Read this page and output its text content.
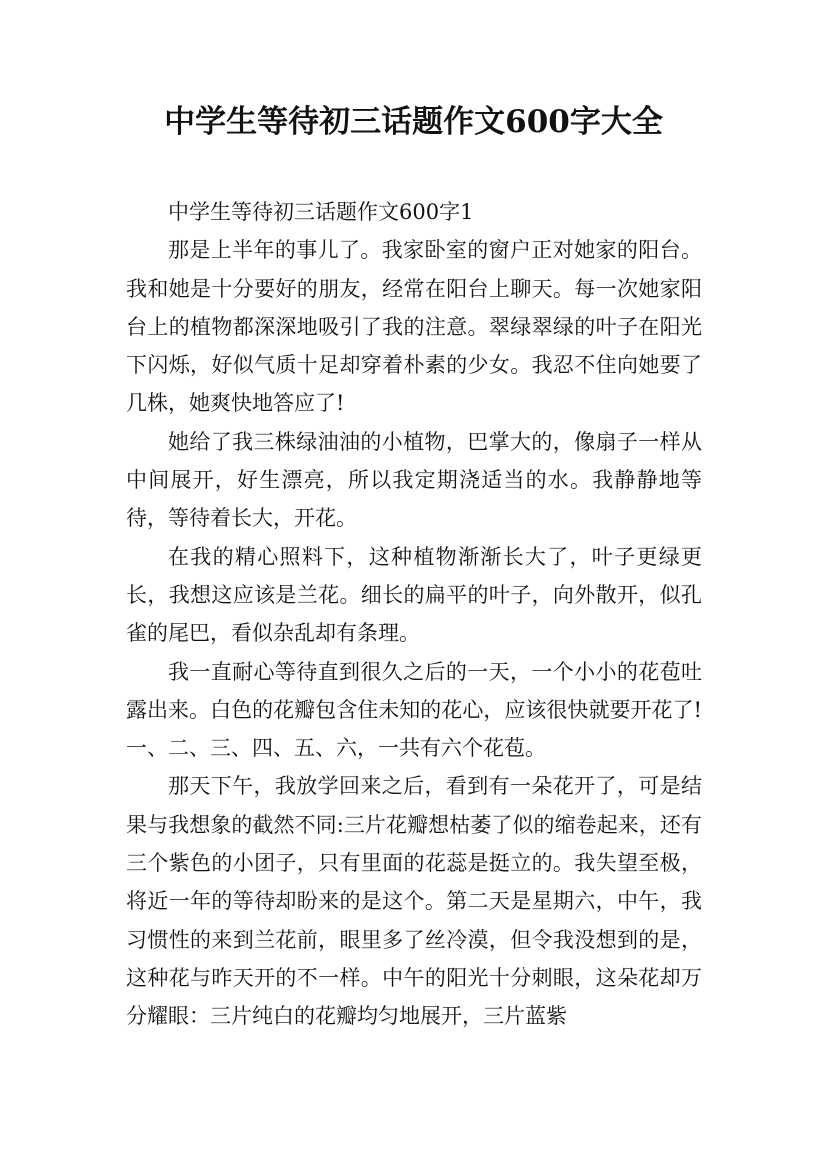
中学生等待初三话题作文600字大全

中学生等待初三话题作文600字1

那是上半年的事儿了。我家卧室的窗户正对她家的阳台。我和她是十分要好的朋友，经常在阳台上聊天。每一次她家阳台上的植物都深深地吸引了我的注意。翠绿翠绿的叶子在阳光下闪烁，好似气质十足却穿着朴素的少女。我忍不住向她要了几株，她爽快地答应了!

她给了我三株绿油油的小植物，巴掌大的，像扇子一样从中间展开，好生漂亮，所以我定期浇适当的水。我静静地等待，等待着长大，开花。

在我的精心照料下，这种植物渐渐长大了，叶子更绿更长，我想这应该是兰花。细长的扁平的叶子，向外散开，似孔雀的尾巴，看似杂乱却有条理。

我一直耐心等待直到很久之后的一天，一个小小的花苞吐露出来。白色的花瓣包含住未知的花心，应该很快就要开花了!一、二、三、四、五、六，一共有六个花苞。

那天下午，我放学回来之后，看到有一朵花开了，可是结果与我想象的截然不同:三片花瓣想枯萎了似的缩卷起来，还有三个紫色的小团子，只有里面的花蕊是挺立的。我失望至极，将近一年的等待却盼来的是这个。第二天是星期六，中午，我习惯性的来到兰花前，眼里多了丝冷漠，但令我没想到的是，这种花与昨天开的不一样。中午的阳光十分刺眼，这朵花却万分耀眼：三片纯白的花瓣均匀地展开，三片蓝紫
